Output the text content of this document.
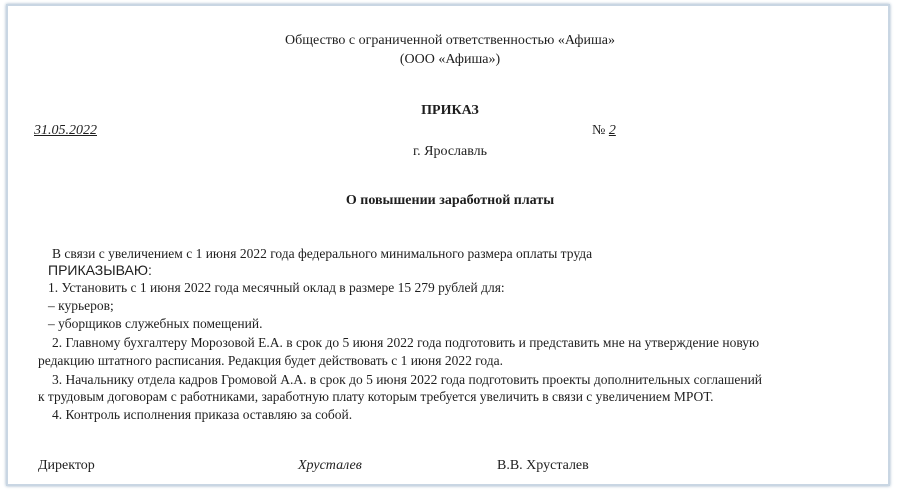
Общество с ограниченной ответственностью «Афиша»
(ООО «Афиша»)
ПРИКАЗ
31.05.2022	№ 2
г. Ярославль
О повышении заработной платы
В связи с увеличением с 1 июня 2022 года федерального минимального размера оплаты труда
ПРИКАЗЫВАЮ:
1. Установить с 1 июня 2022 года месячный оклад в размере 15 279 рублей для:
– курьеров;
– уборщиков служебных помещений.
2. Главному бухгалтеру Морозовой Е.А. в срок до 5 июня 2022 года подготовить и представить мне на утверждение новую
редакцию штатного расписания. Редакция будет действовать с 1 июня 2022 года.
3. Начальнику отдела кадров Громовой А.А. в срок до 5 июня 2022 года подготовить проекты дополнительных соглашений
к трудовым договорам с работниками, заработную плату которым требуется увеличить в связи с увеличением МРОТ.
4. Контроль исполнения приказа оставляю за собой.
Директор	Хрусталев	В.В. Хрусталев
